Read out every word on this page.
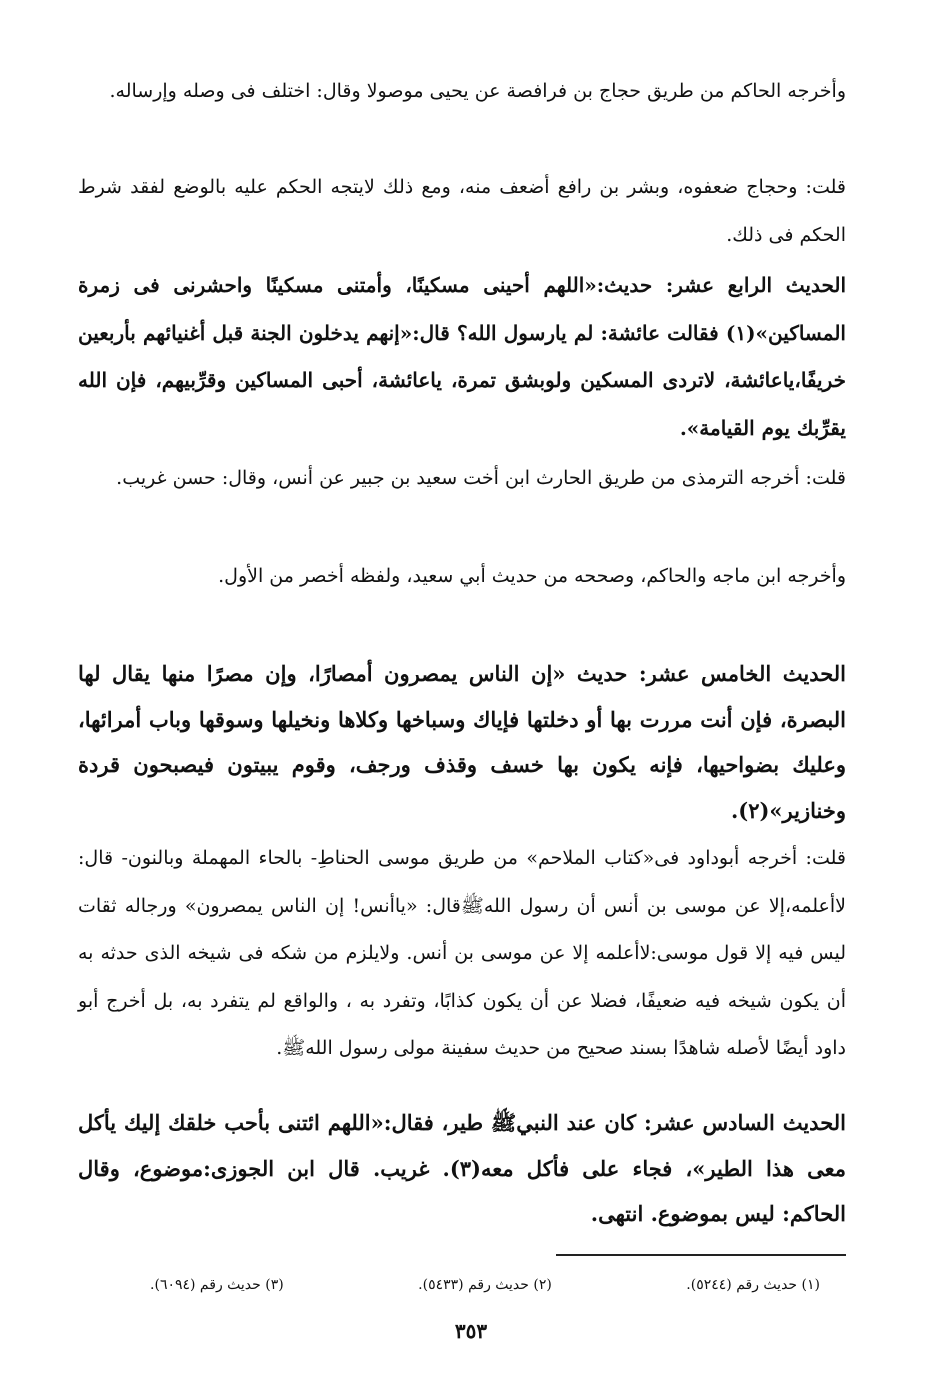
وأخرجه الحاكم من طريق حجاج بن فرافصة عن يحيى موصولا وقال: اختلف فى وصله وإرساله.

قلت: وحجاج ضعفوه، وبشر بن رافع أضعف منه، ومع ذلك لايتجه الحكم عليه بالوضع لفقد شرط الحكم فى ذلك.

الحديث الرابع عشر: حديث:«اللهم أحينى مسكينًا، وأمتنى مسكينًا واحشرنى فى زمرة المساكين»(١) فقالت عائشة: لم يارسول الله؟ قال:«إنهم يدخلون الجنة قبل أغنيائهم بأربعين خريفًا،ياعائشة، لاتردى المسكين ولوبشق تمرة، ياعائشة، أحبى المساكين وقرِّبيهم، فإن الله يقرِّبك يوم القيامة».

قلت: أخرجه الترمذى من طريق الحارث ابن أخت سعيد بن جبير عن أنس، وقال: حسن غريب.

وأخرجه ابن ماجه والحاكم، وصححه من حديث أبي سعيد، ولفظه أخصر من الأول.

الحديث الخامس عشر: حديث «إن الناس يمصرون أمصارًا، وإن مصرًا منها يقال لها البصرة، فإن أنت مررت بها أو دخلتها فإياك وسباخها وكلاها ونخيلها وسوقها وباب أمرائها، وعليك بضواحيها، فإنه يكون بها خسف وقذف ورجف، وقوم يبيتون فيصبحون قردة وخنازير»(٢).

قلت: أخرجه أبوداود فى«كتاب الملاحم» من طريق موسى الحناطِ- بالحاء المهملة وبالنون- قال: لاأعلمه،إلا عن موسى بن أنس أن رسول اللهﷺقال: «ياأنس! إن الناس يمصرون» ورجاله ثقات ليس فيه إلا قول موسى:لاأعلمه إلا عن موسى بن أنس. ولايلزم من شكه فى شيخه الذى حدثه به أن يكون شيخه فيه ضعيفًا، فضلا عن أن يكون كذابًا، وتفرد به ، والواقع لم يتفرد به، بل أخرج أبو داود أيضًا لأصله شاهدًا بسند صحيح من حديث سفينة مولى رسول اللهﷺ.

الحديث السادس عشر: كان عند النبيﷺ طير، فقال:«اللهم ائتنى بأحب خلقك إليك يأكل معى هذا الطير»، فجاء على فأكل معه(٣). غريب. قال ابن الجوزى:موضوع، وقال الحاكم: ليس بموضوع. انتهى.

(١) حديث رقم (٥٢٤٤).
(٢) حديث رقم (٥٤٣٣).
(٣) حديث رقم (٦٠٩٤).
٣٥٣
